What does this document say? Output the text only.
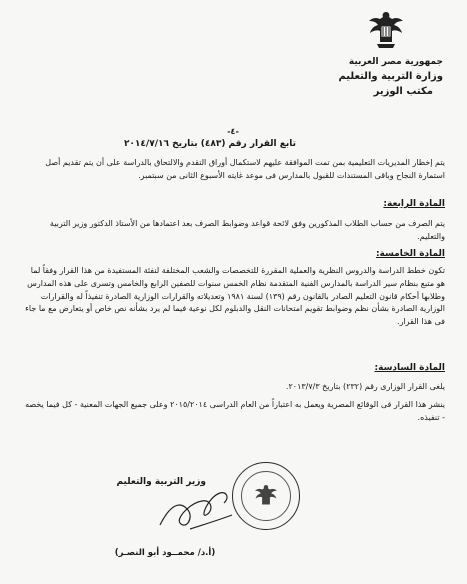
جمهورية مصر العربية
وزارة التربية والتعليم
مكتب الوزير
-٤-
تابع القرار رقم (٤٨٣) بتاريخ ٢٠١٤/٧/١٦

يتم إخطار المديريات التعليمية بمن تمت الموافقة عليهم لاستكمال أوراق التقدم والالتحاق بالدراسة على أن يتم تقديم أصل استمارة النجاح وباقى المستندات للقبول بالمدارس فى موعد غايته الأسبوع الثانى من سبتمبر.

المادة الرابعة:

يتم الصرف من حساب الطلاب المذكورين وفق لائحة قواعد وضوابط الصرف بعد اعتمادها من الأستاذ الدكتور وزير التربية والتعليم.

المادة الخامسة:

تكون خطط الدراسة والدروس النظرية والعملية المقررة للتخصصات والشعب المختلفة لنفئة المستفيدة من هذا القرار وفقاً لما هو متبع بنظام سير الدراسة بالمدارس الفنية المتقدمة نظام الخمس سنوات للصفين الرابع والخامس وتسرى على هذه المدارس وطلابها أحكام قانون التعليم الصادر بالقانون رقم (١٣٩) لسنة ١٩٨١ وتعديلاته والقرارات الوزارية الصادرة تنفيذاً له والقرارات الوزارية الصادرة بشأن نظم وضوابط تقويم امتحانات النقل والدبلوم لكل نوعية فيما لم يرد بشأنه نص خاص أو يتعارض مع ما جاء فى هذا القرار.

المادة السادسة:

يلغى القرار الوزارى رقم (٢٣٢) بتاريخ ٢٠١٣/٧/٣.

ينشر هذا القرار فى الوقائع المصرية ويعمل به اعتباراً من العام الدراسى ٢٠١٥/٢٠١٤ وعلى جميع الجهات المعنية - كل فيما يخصه - تنفيذه.

وزير التربية والتعليم
(أ.د/ محمــود أبو النصـر)
